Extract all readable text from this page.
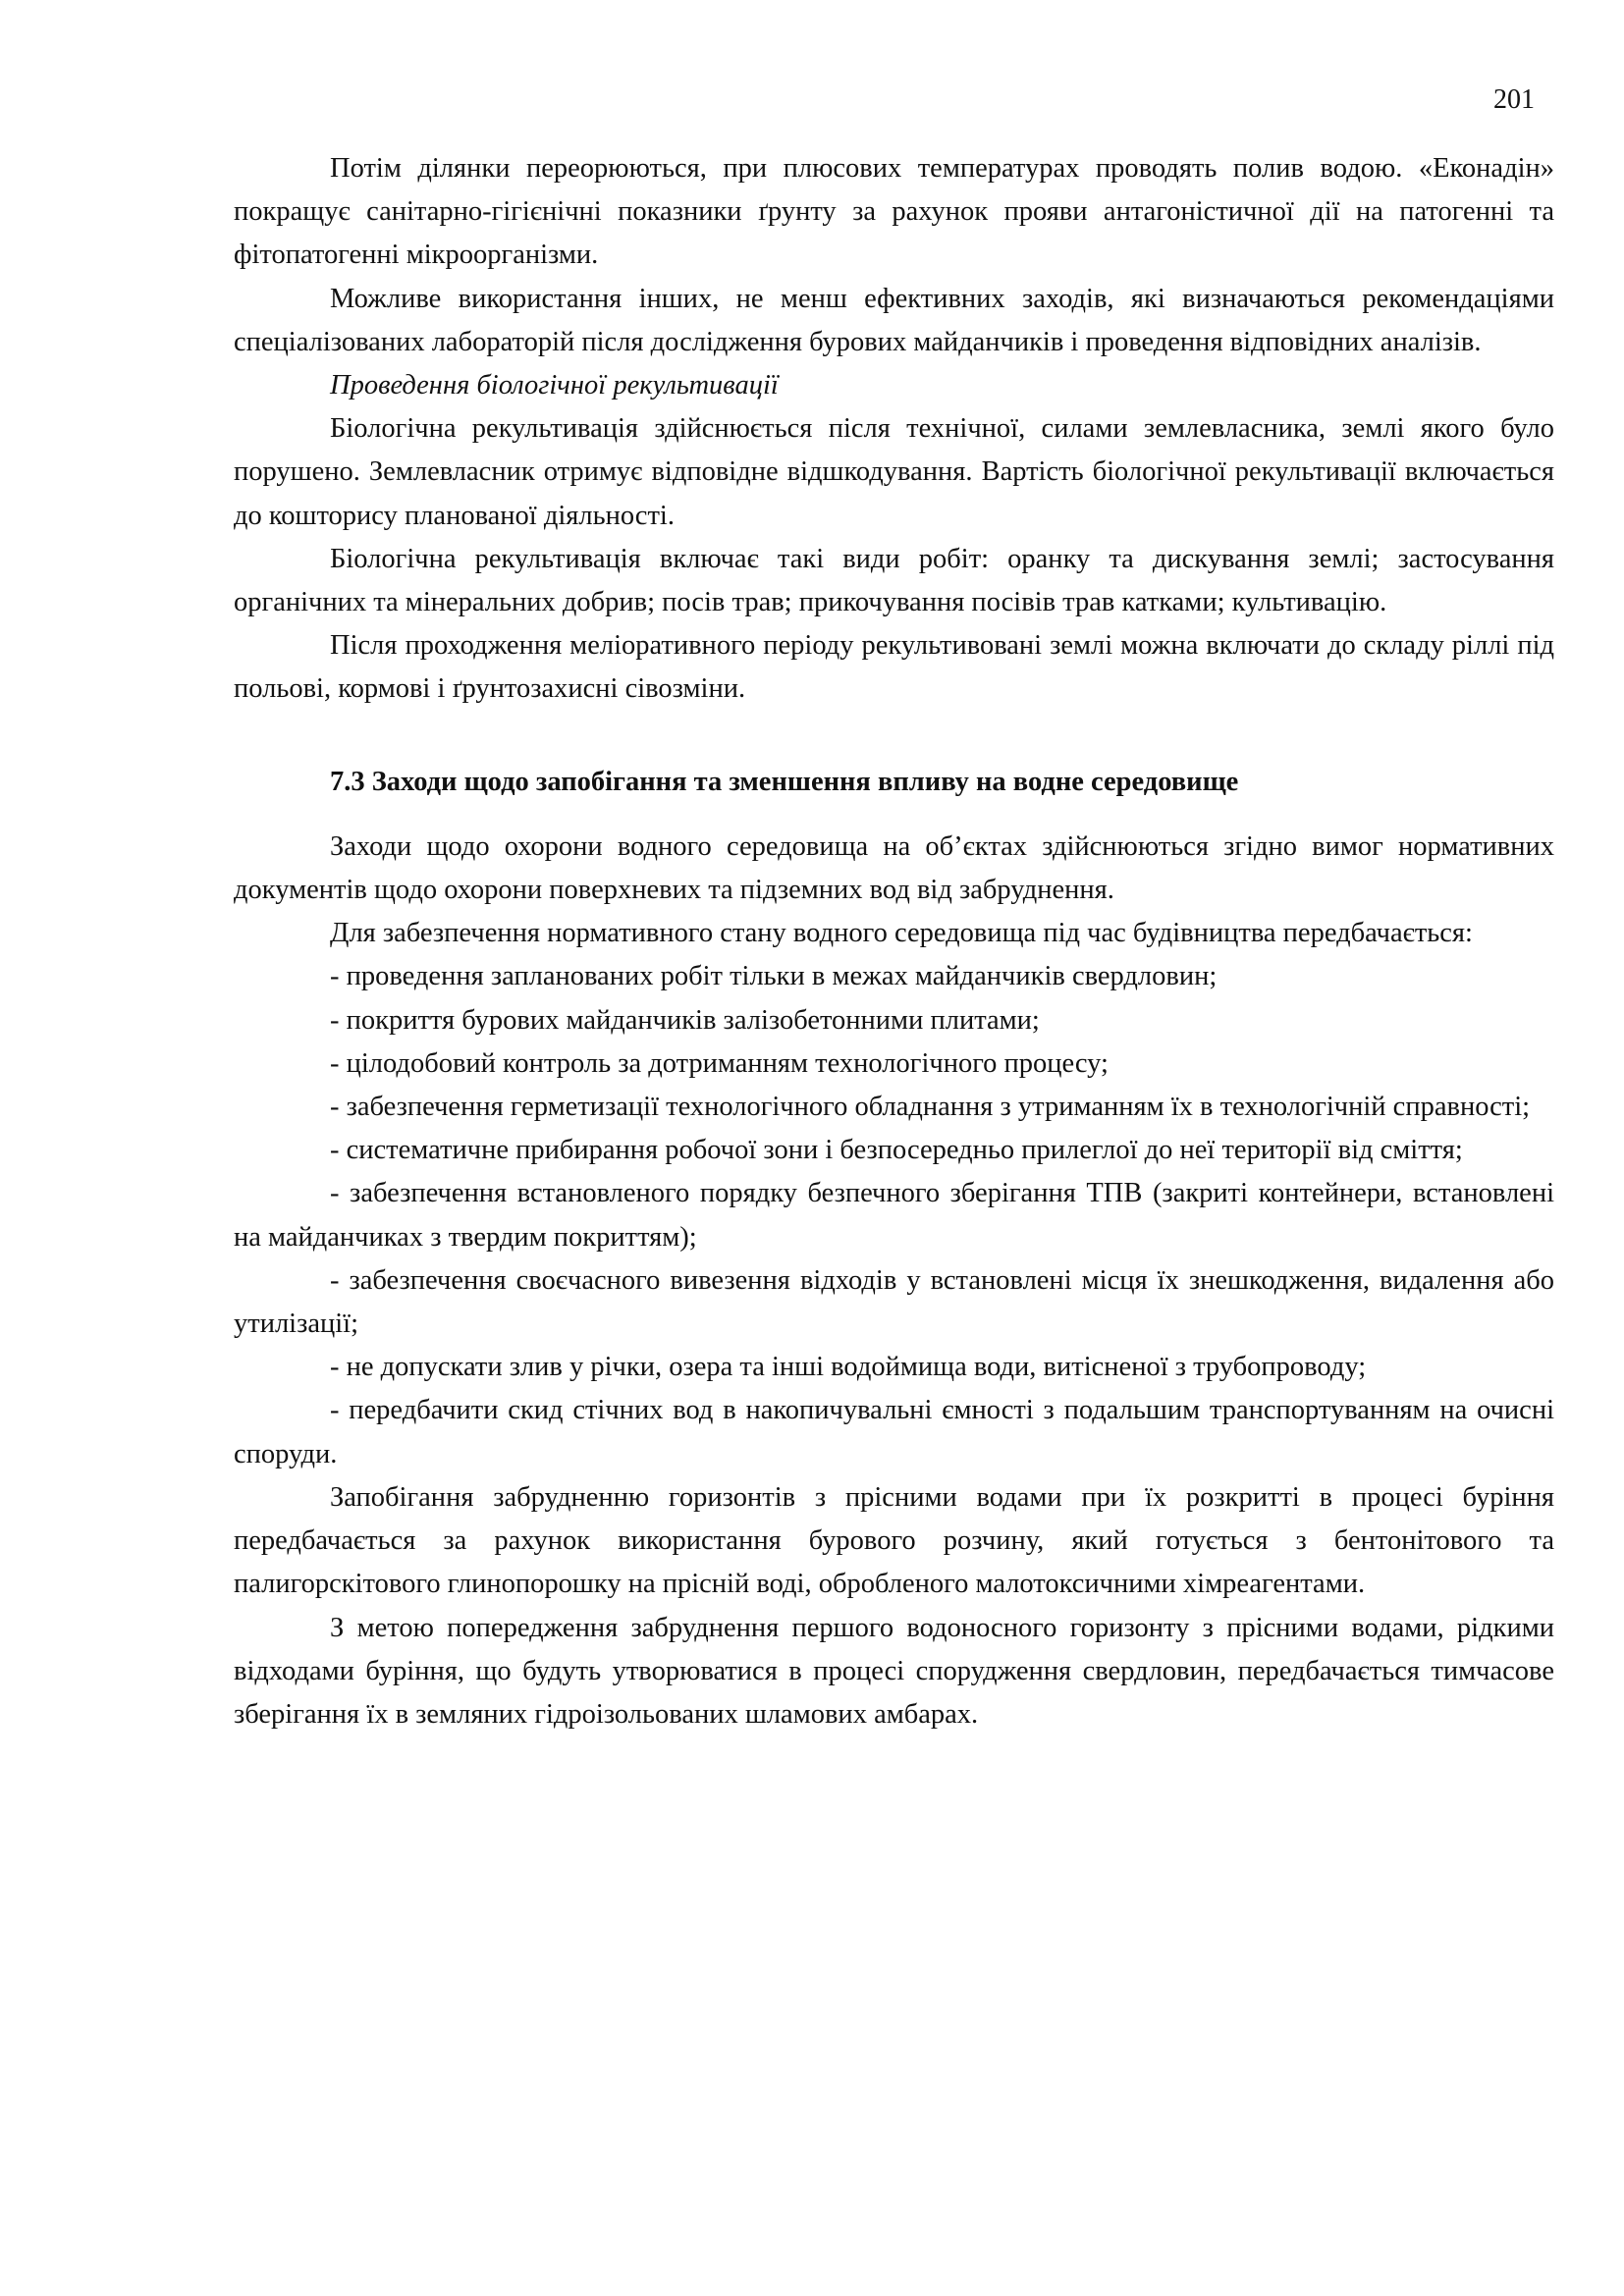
201

Потім ділянки переорюються, при плюсових температурах проводять полив водою. «Еконадін» покращує санітарно-гігієнічні показники ґрунту за рахунок прояви антагоністичної дії на патогенні та фітопатогенні мікроорганізми.

Можливе використання інших, не менш ефективних заходів, які визначаються рекомендаціями спеціалізованих лабораторій після дослідження бурових майданчиків і проведення відповідних аналізів.

Проведення біологічної рекультивації

Біологічна рекультивація здійснюється після технічної, силами землевласника, землі якого було порушено. Землевласник отримує відповідне відшкодування. Вартість біологічної рекультивації включається до кошторису планованої діяльності.

Біологічна рекультивація включає такі види робіт: оранку та дискування землі; застосування органічних та мінеральних добрив; посів трав; прикочування посівів трав катками; культивацію.

Після проходження меліоративного періоду рекультивовані землі можна включати до складу ріллі під польові, кормові і ґрунтозахисні сівозміни.

7.3 Заходи щодо запобігання та зменшення впливу на водне середовище

Заходи щодо охорони водного середовища на об’єктах здійснюються згідно вимог нормативних документів щодо охорони поверхневих та підземних вод від забруднення.

Для забезпечення нормативного стану водного середовища під час будівництва передбачається:

- проведення запланованих робіт тільки в межах майданчиків свердловин;

- покриття бурових майданчиків залізобетонними плитами;

- цілодобовий контроль за дотриманням технологічного процесу;

- забезпечення герметизації технологічного обладнання з утриманням їх в технологічній справності;

- систематичне прибирання робочої зони і безпосередньо прилеглої до неї території від сміття;

- забезпечення встановленого порядку безпечного зберігання ТПВ (закриті контейнери, встановлені на майданчиках з твердим покриттям);

- забезпечення своєчасного вивезення відходів у встановлені місця їх знешкодження, видалення або утилізації;

- не допускати злив у річки, озера та інші водоймища води, витісненої з трубопроводу;

- передбачити скид стічних вод в накопичувальні ємності з подальшим транспортуванням на очисні споруди.

Запобігання забрудненню горизонтів з прісними водами при їх розкритті в процесі буріння передбачається за рахунок використання бурового розчину, який готується з бентонітового та палигорскітового глинопорошку на прісній воді, обробленого малотоксичними хімреагентами.

З метою попередження забруднення першого водоносного горизонту з прісними водами, рідкими відходами буріння, що будуть утворюватися в процесі спорудження свердловин, передбачається тимчасове зберігання їх в земляних гідроізольованих шламових амбарах.
